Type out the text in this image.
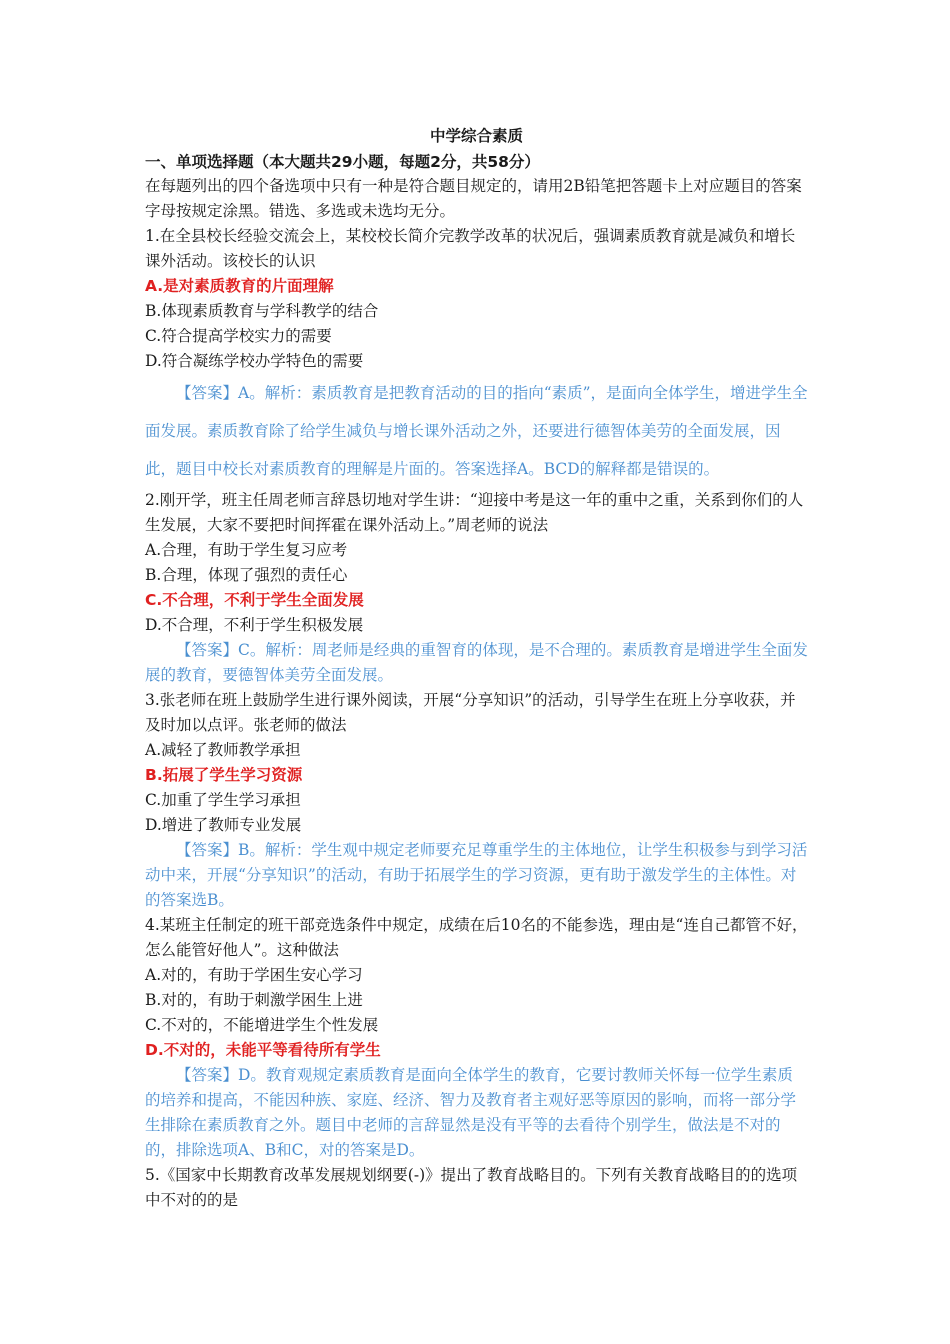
中学综合素质

一、单项选择题（本大题共29小题，每题2分，共58分）

在每题列出的四个备选项中只有一种是符合题目规定的，请用2B铅笔把答题卡上对应题目的答案字母按规定涂黑。错选、多选或未选均无分。

1.在全县校长经验交流会上，某校校长简介完教学改革的状况后，强调素质教育就是减负和增长课外活动。该校长的认识

A.是对素质教育的片面理解

B.体现素质教育与学科教学的结合

C.符合提高学校实力的需要

D.符合凝练学校办学特色的需要

【答案】A。解析：素质教育是把教育活动的目的指向“素质”，是面向全体学生，增进学生全面发展。素质教育除了给学生减负与增长课外活动之外，还要进行德智体美劳的全面发展，因此，题目中校长对素质教育的理解是片面的。答案选择A。BCD的解释都是错误的。

2.刚开学，班主任周老师言辞恳切地对学生讲：“迎接中考是这一年的重中之重，关系到你们的人生发展，大家不要把时间挥霍在课外活动上。”周老师的说法

A.合理，有助于学生复习应考

B.合理，体现了强烈的责任心

C.不合理，不利于学生全面发展

D.不合理，不利于学生积极发展

【答案】C。解析：周老师是经典的重智育的体现，是不合理的。素质教育是增进学生全面发展的教育，要德智体美劳全面发展。

3.张老师在班上鼓励学生进行课外阅读，开展“分享知识”的活动，引导学生在班上分享收获，并及时加以点评。张老师的做法

A.减轻了教师教学承担

B.拓展了学生学习资源

C.加重了学生学习承担

D.增进了教师专业发展

【答案】B。解析：学生观中规定老师要充足尊重学生的主体地位，让学生积极参与到学习活动中来，开展“分享知识”的活动，有助于拓展学生的学习资源，更有助于激发学生的主体性。对的答案选B。

4.某班主任制定的班干部竞选条件中规定，成绩在后10名的不能参选，理由是“连自己都管不好，怎么能管好他人”。这种做法

A.对的，有助于学困生安心学习

B.对的，有助于刺激学困生上进

C.不对的，不能增进学生个性发展

D.不对的，未能平等看待所有学生

【答案】D。教育观规定素质教育是面向全体学生的教育，它要讨教师关怀每一位学生素质的培养和提高，不能因种族、家庭、经济、智力及教育者主观好恶等原因的影响，而将一部分学生排除在素质教育之外。题目中老师的言辞显然是没有平等的去看待个别学生，做法是不对的的，排除选项A、B和C，对的答案是D。

5.《国家中长期教育改革发展规划纲要(-)》提出了教育战略目的。下列有关教育战略目的的选项中不对的的是
